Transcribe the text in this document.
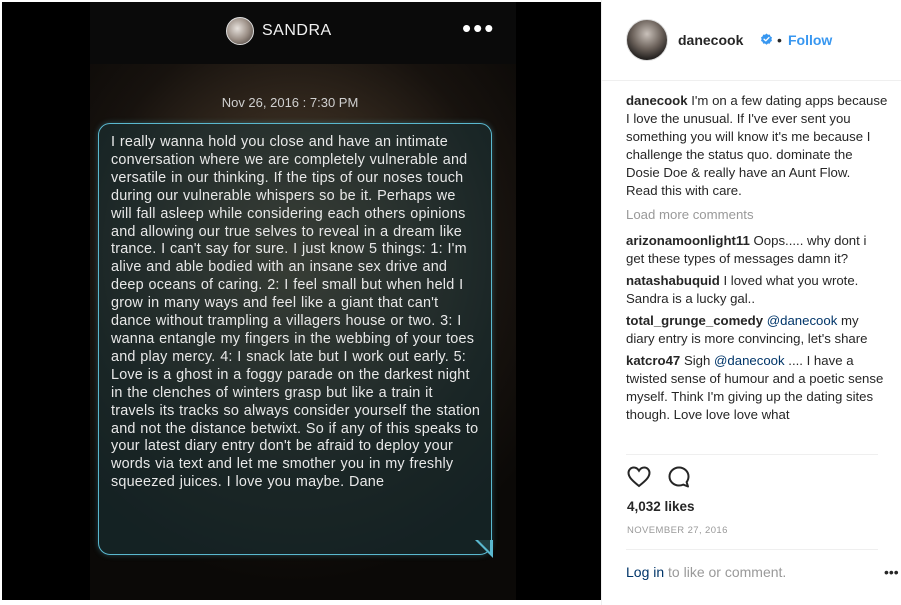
SANDRA	•••
Nov 26, 2016 : 7:30 PM

I really wanna hold you close and have an intimate conversation where we are completely vulnerable and versatile in our thinking. If the tips of our noses touch during our vulnerable whispers so be it. Perhaps we will fall asleep while considering each others opinions and allowing our true selves to reveal in a dream like trance. I can't say for sure. I just know 5 things: 1: I'm alive and able bodied with an insane sex drive and deep oceans of caring. 2: I feel small but when held I grow in many ways and feel like a giant that can't dance without trampling a villagers house or two. 3: I wanna entangle my fingers in the webbing of your toes and play mercy. 4: I snack late but I work out early. 5: Love is a ghost in a foggy parade on the darkest night in the clenches of winters grasp but like a train it travels its tracks so always consider yourself the station and not the distance betwixt. So if any of this speaks to your latest diary entry don't be afraid to deploy your words via text and let me smother you in my freshly squeezed juices. I love you maybe. Dane

danecook • Follow
danecook I'm on a few dating apps because I love the unusual. If I've ever sent you something you will know it's me because I challenge the status quo. dominate the Dosie Doe & really have an Aunt Flow.
Read this with care.
Load more comments
arizonamoonlight11 Oops..... why dont i get these types of messages damn it?
natashabuquid I loved what you wrote. Sandra is a lucky gal..
total_grunge_comedy @danecook my diary entry is more convincing, let's share
katcro47 Sigh @danecook .... I have a twisted sense of humour and a poetic sense myself. Think I'm giving up the dating sites though. Love love love what
4,032 likes
NOVEMBER 27, 2016
Log in to like or comment.	•••
